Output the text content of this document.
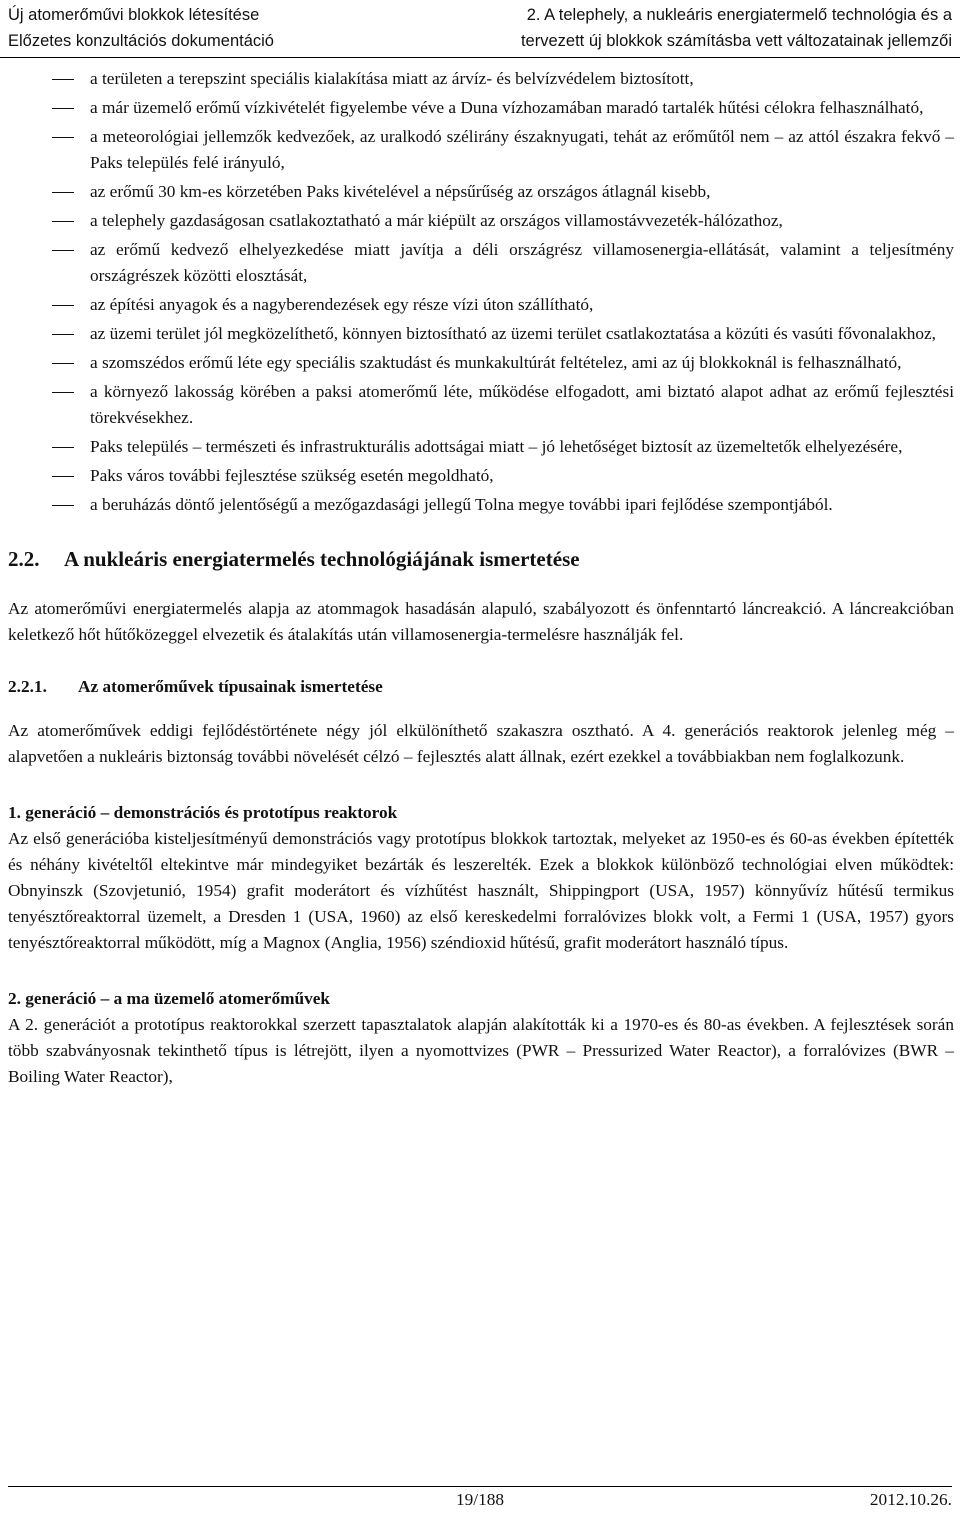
Új atomerőművi blokkok létesítése
Előzetes konzultációs dokumentáció
2. A telephely, a nukleáris energiatermelő technológia és a
tervezett új blokkok számításba vett változatainak jellemzői
a területen a terepszint speciális kialakítása miatt az árvíz- és belvízvédelem biztosított,
a már üzemelő erőmű vízkivételét figyelembe véve a Duna vízhozamában maradó tartalék hűtési célokra felhasználható,
a meteorológiai jellemzők kedvezőek, az uralkodó szélirány északnyugati, tehát az erőműtől nem – az attól északra fekvő – Paks település felé irányuló,
az erőmű 30 km-es körzetében Paks kivételével a népsűrűség az országos átlagnál kisebb,
a telephely gazdaságosan csatlakoztatható a már kiépült az országos villamostávvezeték-hálózathoz,
az erőmű kedvező elhelyezkedése miatt javítja a déli országrész villamosenergia-ellátását, valamint a teljesítmény országrészek közötti elosztását,
az építési anyagok és a nagyberendezések egy része vízi úton szállítható,
az üzemi terület jól megközelíthető, könnyen biztosítható az üzemi terület csatlakoztatása a közúti és vasúti fővonalakhoz,
a szomszédos erőmű léte egy speciális szaktudást és munkakultúrát feltételez, ami az új blokkoknál is felhasználható,
a környező lakosság körében a paksi atomerőmű léte, működése elfogadott, ami biztató alapot adhat az erőmű fejlesztési törekvésekhez.
Paks település – természeti és infrastrukturális adottságai miatt – jó lehetőséget biztosít az üzemeltetők elhelyezésére,
Paks város további fejlesztése szükség esetén megoldható,
a beruházás döntő jelentőségű a mezőgazdasági jellegű Tolna megye további ipari fejlődése szempontjából.
2.2. A nukleáris energiatermelés technológiájának ismertetése

Az atomerőművi energiatermelés alapja az atommagok hasadásán alapuló, szabályozott és önfenntartó láncreakció. A láncreakcióban keletkező hőt hűtőközeggel elvezetik és átalakítás után villamosenergia-termelésre használják fel.

2.2.1. Az atomerőművek típusainak ismertetése

Az atomerőművek eddigi fejlődéstörténete négy jól elkülöníthető szakaszra osztható. A 4. generációs reaktorok jelenleg még – alapvetően a nukleáris biztonság további növelését célzó – fejlesztés alatt állnak, ezért ezekkel a továbbiakban nem foglalkozunk.

1. generáció – demonstrációs és prototípus reaktorok

Az első generációba kisteljesítményű demonstrációs vagy prototípus blokkok tartoztak, melyeket az 1950-es és 60-as években építették és néhány kivételtől eltekintve már mindegyiket bezárták és leszerelték. Ezek a blokkok különböző technológiai elven működtek: Obnyinszk (Szovjetunió, 1954) grafit moderátort és vízhűtést használt, Shippingport (USA, 1957) könnyűvíz hűtésű termikus tenyésztőreaktorral üzemelt, a Dresden 1 (USA, 1960) az első kereskedelmi forralóvizes blokk volt, a Fermi 1 (USA, 1957) gyors tenyésztőreaktorral működött, míg a Magnox (Anglia, 1956) széndioxid hűtésű, grafit moderátort használó típus.

2. generáció – a ma üzemelő atomerőművek

A 2. generációt a prototípus reaktorokkal szerzett tapasztalatok alapján alakították ki a 1970-es és 80-as években. A fejlesztések során több szabványosnak tekinthető típus is létrejött, ilyen a nyomottvizes (PWR – Pressurized Water Reactor), a forralóvizes (BWR – Boiling Water Reactor),

19/188	2012.10.26.
